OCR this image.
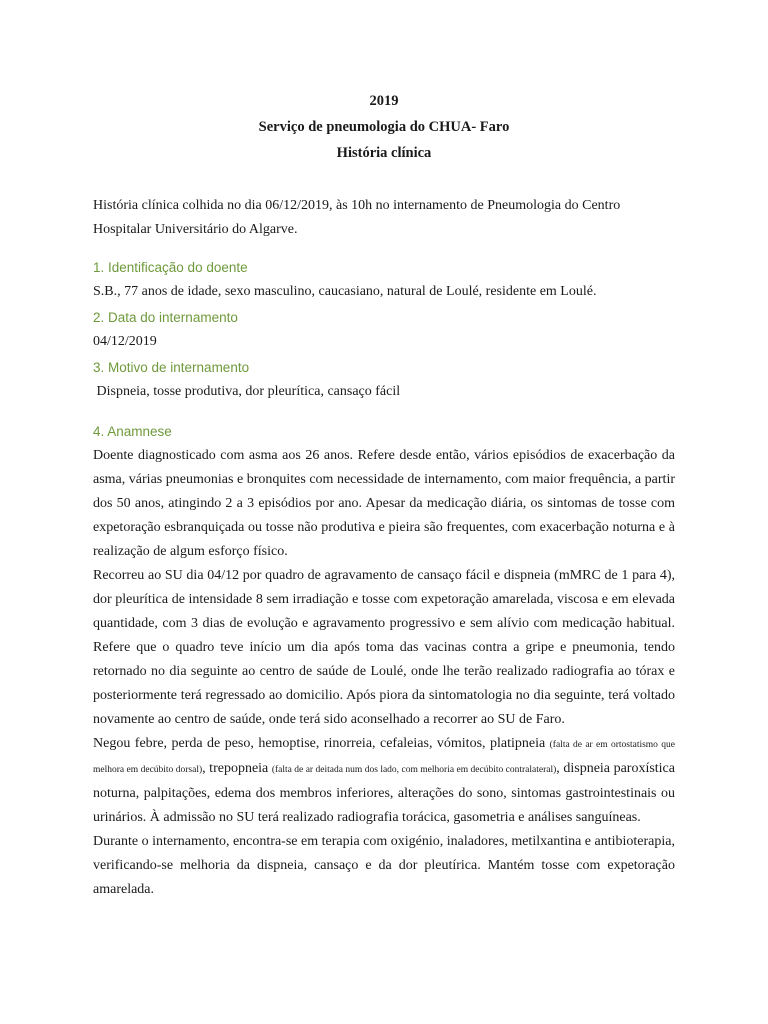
2019
Serviço de pneumologia do CHUA- Faro
História clínica
História clínica colhida no dia 06/12/2019, às 10h no internamento de Pneumologia do Centro Hospitalar Universitário do Algarve.
1. Identificação do doente
S.B., 77 anos de idade, sexo masculino, caucasiano, natural de Loulé, residente em Loulé.
2. Data do internamento
04/12/2019
3. Motivo de internamento
Dispneia, tosse produtiva, dor pleurítica, cansaço fácil
4. Anamnese
Doente diagnosticado com asma aos 26 anos. Refere desde então, vários episódios de exacerbação da asma, várias pneumonias e bronquites com necessidade de internamento, com maior frequência, a partir dos 50 anos, atingindo 2 a 3 episódios por ano. Apesar da medicação diária, os sintomas de tosse com expetoração esbranquiçada ou tosse não produtiva e pieira são frequentes, com exacerbação noturna e à realização de algum esforço físico.
Recorreu ao SU dia 04/12 por quadro de agravamento de cansaço fácil e dispneia (mMRC de 1 para 4), dor pleurítica de intensidade 8 sem irradiação e tosse com expetoração amarelada, viscosa e em elevada quantidade, com 3 dias de evolução e agravamento progressivo e sem alívio com medicação habitual. Refere que o quadro teve início um dia após toma das vacinas contra a gripe e pneumonia, tendo retornado no dia seguinte ao centro de saúde de Loulé, onde lhe terão realizado radiografia ao tórax e posteriormente terá regressado ao domicilio. Após piora da sintomatologia no dia seguinte, terá voltado novamente ao centro de saúde, onde terá sido aconselhado a recorrer ao SU de Faro.
Negou febre, perda de peso, hemoptise, rinorreia, cefaleias, vómitos, platipneia (falta de ar em ortostatismo que melhora em decúbito dorsal), trepopneia (falta de ar deitada num dos lado, com melhoria em decúbito contralateral), dispneia paroxística noturna, palpitações, edema dos membros inferiores, alterações do sono, sintomas gastrointestinais ou urinários. À admissão no SU terá realizado radiografia torácica, gasometria e análises sanguíneas.
Durante o internamento, encontra-se em terapia com oxigénio, inaladores, metilxantina e antibioterapia, verificando-se melhoria da dispneia, cansaço e da dor pleutírica. Mantém tosse com expetoração amarelada.
